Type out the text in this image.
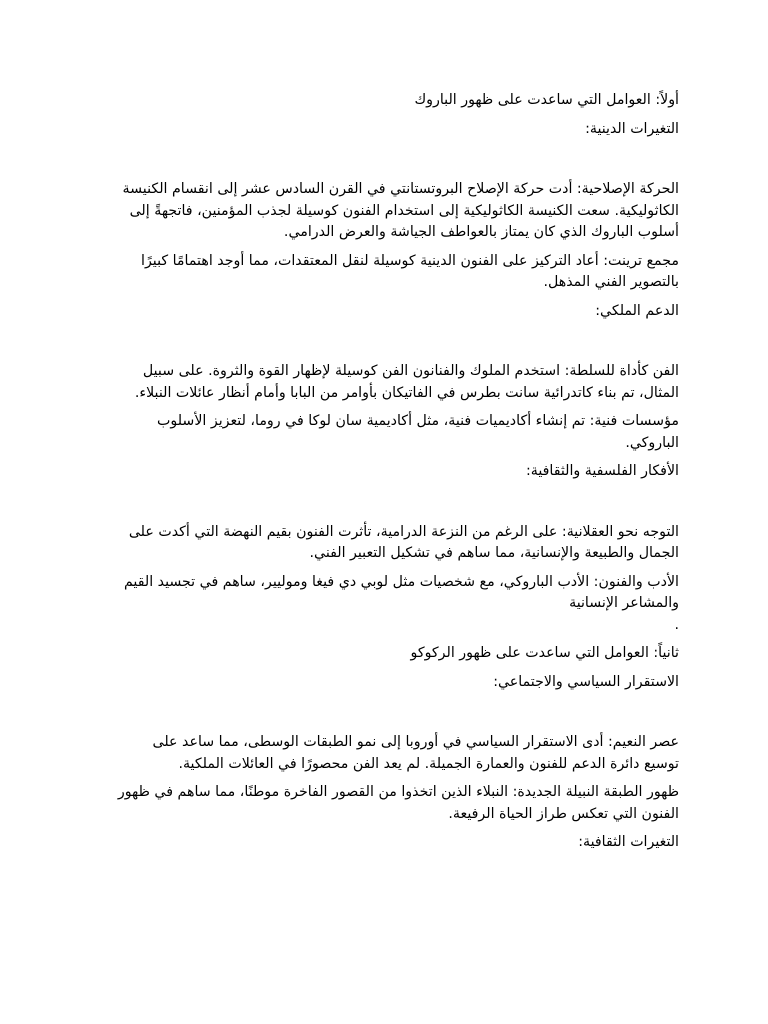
أولاً: العوامل التي ساعدت على ظهور الباروك

:التغيرات الدينية

الحركة الإصلاحية: أدت حركة الإصلاح البروتستانتي في القرن السادس عشر إلى انقسام الكنيسة
الكاثوليكية. سعت الكنيسة الكاثوليكية إلى استخدام الفنون كوسيلة لجذب المؤمنين، فاتجهةً إلى
.أسلوب الباروك الذي كان يمتاز بالعواطف الجياشة والعرض الدرامي

مجمع ترينت: أعاد التركيز على الفنون الدينية كوسيلة لنقل المعتقدات، مما أوجد اهتمامًا كبيرًا
.بالتصوير الفني المذهل

:الدعم الملكي

الفن كأداة للسلطة: استخدم الملوك والفنانون الفن كوسيلة لإظهار القوة والثروة. على سبيل
.المثال، تم بناء كاتدرائية سانت بطرس في الفاتيكان بأوامر من البابا وأمام أنظار عائلات النبلاء

مؤسسات فنية: تم إنشاء أكاديميات فنية، مثل أكاديمية سان لوكا في روما، لتعزيز الأسلوب
.الباروكي

:الأفكار الفلسفية والثقافية

التوجه نحو العقلانية: على الرغم من النزعة الدرامية، تأثرت الفنون بقيم النهضة التي أكدت على
.الجمال والطبيعة والإنسانية، مما ساهم في تشكيل التعبير الفني

الأدب والفنون: الأدب الباروكي، مع شخصيات مثل لوبي دي فيغا وموليير، ساهم في تجسيد القيم
والمشاعر الإنسانية

.

ثانياً: العوامل التي ساعدت على ظهور الركوكو

:الاستقرار السياسي والاجتماعي

عصر النعيم: أدى الاستقرار السياسي في أوروبا إلى نمو الطبقات الوسطى، مما ساعد على
.توسيع دائرة الدعم للفنون والعمارة الجميلة. لم يعد الفن محصورًا في العائلات الملكية

ظهور الطبقة النبيلة الجديدة: النبلاء الذين اتخذوا من القصور الفاخرة موطنًا، مما ساهم في ظهور
.الفنون التي تعكس طراز الحياة الرفيعة

:التغيرات الثقافية
